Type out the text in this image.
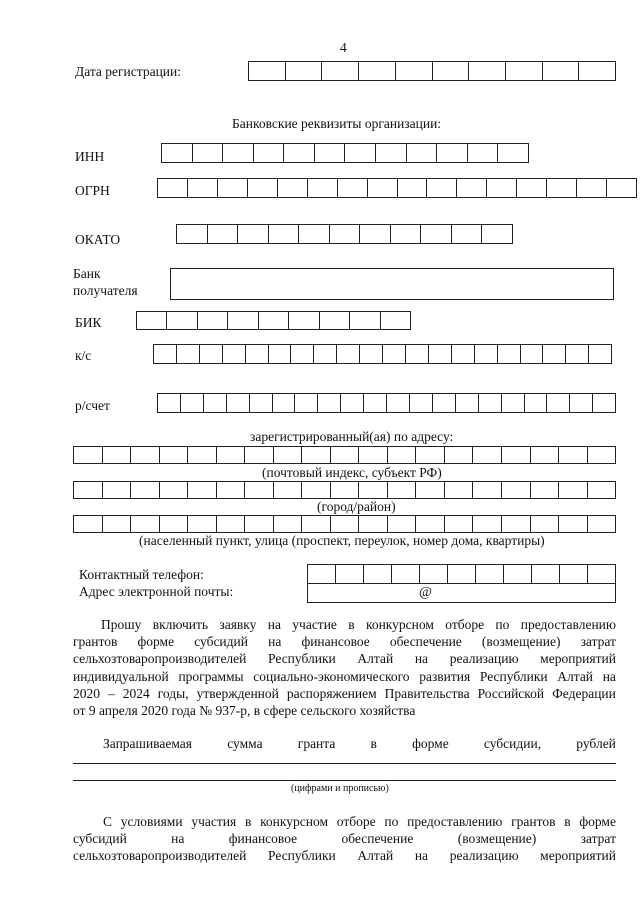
4
Дата регистрации:
Банковские реквизиты организации:
ИНН
ОГРН
ОКАТО
Банк
получателя
БИК
к/с
р/счет
зарегистрированный(ая) по адресу:
(почтовый индекс, субъект РФ)
(город/район)
(населенный пункт, улица (проспект, переулок, номер дома, квартиры)
Контактный телефон:
Адрес электронной почты:	@
Прошу включить заявку на участие в конкурсном отборе по предоставлению
грантов форме субсидий на финансовое обеспечение (возмещение) затрат
сельхозтоваропроизводителей Республики Алтай на реализацию мероприятий
индивидуальной программы социально-экономического развития Республики Алтай на
2020 – 2024 годы, утвержденной распоряжением Правительства Российской Федерации
от 9 апреля 2020 года № 937-р, в сфере сельского хозяйства
Запрашиваемая	сумма	гранта	в	форме	субсидии,	рублей
(цифрами и прописью)
С условиями участия в конкурсном отборе по предоставлению грантов в форме
субсидий	на	финансовое	обеспечение	(возмещение)	затрат
сельхозтоваропроизводителей Республики Алтай на реализацию мероприятий
